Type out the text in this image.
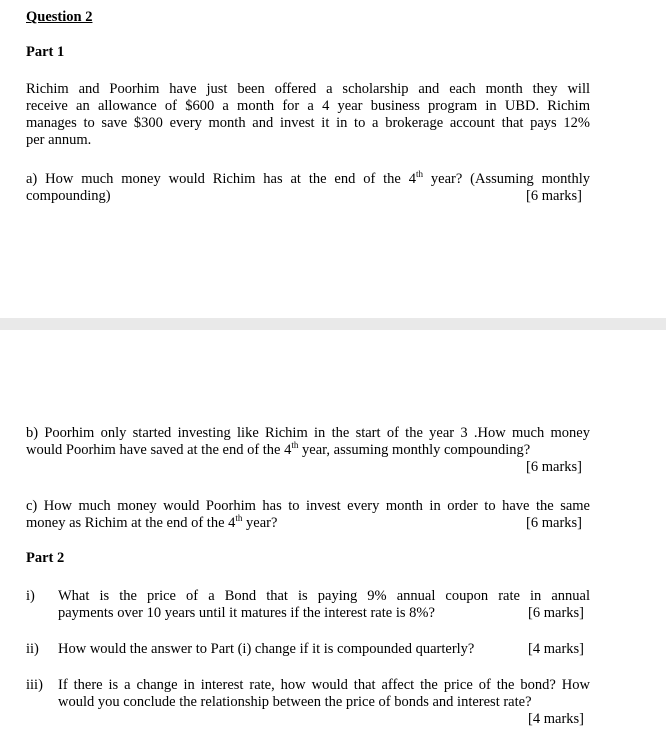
Question 2
Part 1
Richim and Poorhim have just been offered a scholarship and each month they will
receive an allowance of $600 a month for a 4 year business program in UBD. Richim
manages to save $300 every month and invest it in to a brokerage account that pays 12%
per annum.
a) How much money would Richim has at the end of the 4th year? (Assuming monthly
compounding)	[6 marks]
b) Poorhim only started investing like Richim in the start of the year 3 .How much money
would Poorhim have saved at the end of the 4th year, assuming monthly compounding?
[6 marks]
c) How much money would Poorhim has to invest every month in order to have the same
money as Richim at the end of the 4th year?	[6 marks]
Part 2
i) What is the price of a Bond that is paying 9% annual coupon rate in annual
payments over 10 years until it matures if the interest rate is 8%?	[6 marks]
ii) How would the answer to Part (i) change if it is compounded quarterly?	[4 marks]
iii) If there is a change in interest rate, how would that affect the price of the bond? How
would you conclude the relationship between the price of bonds and interest rate?
[4 marks]
